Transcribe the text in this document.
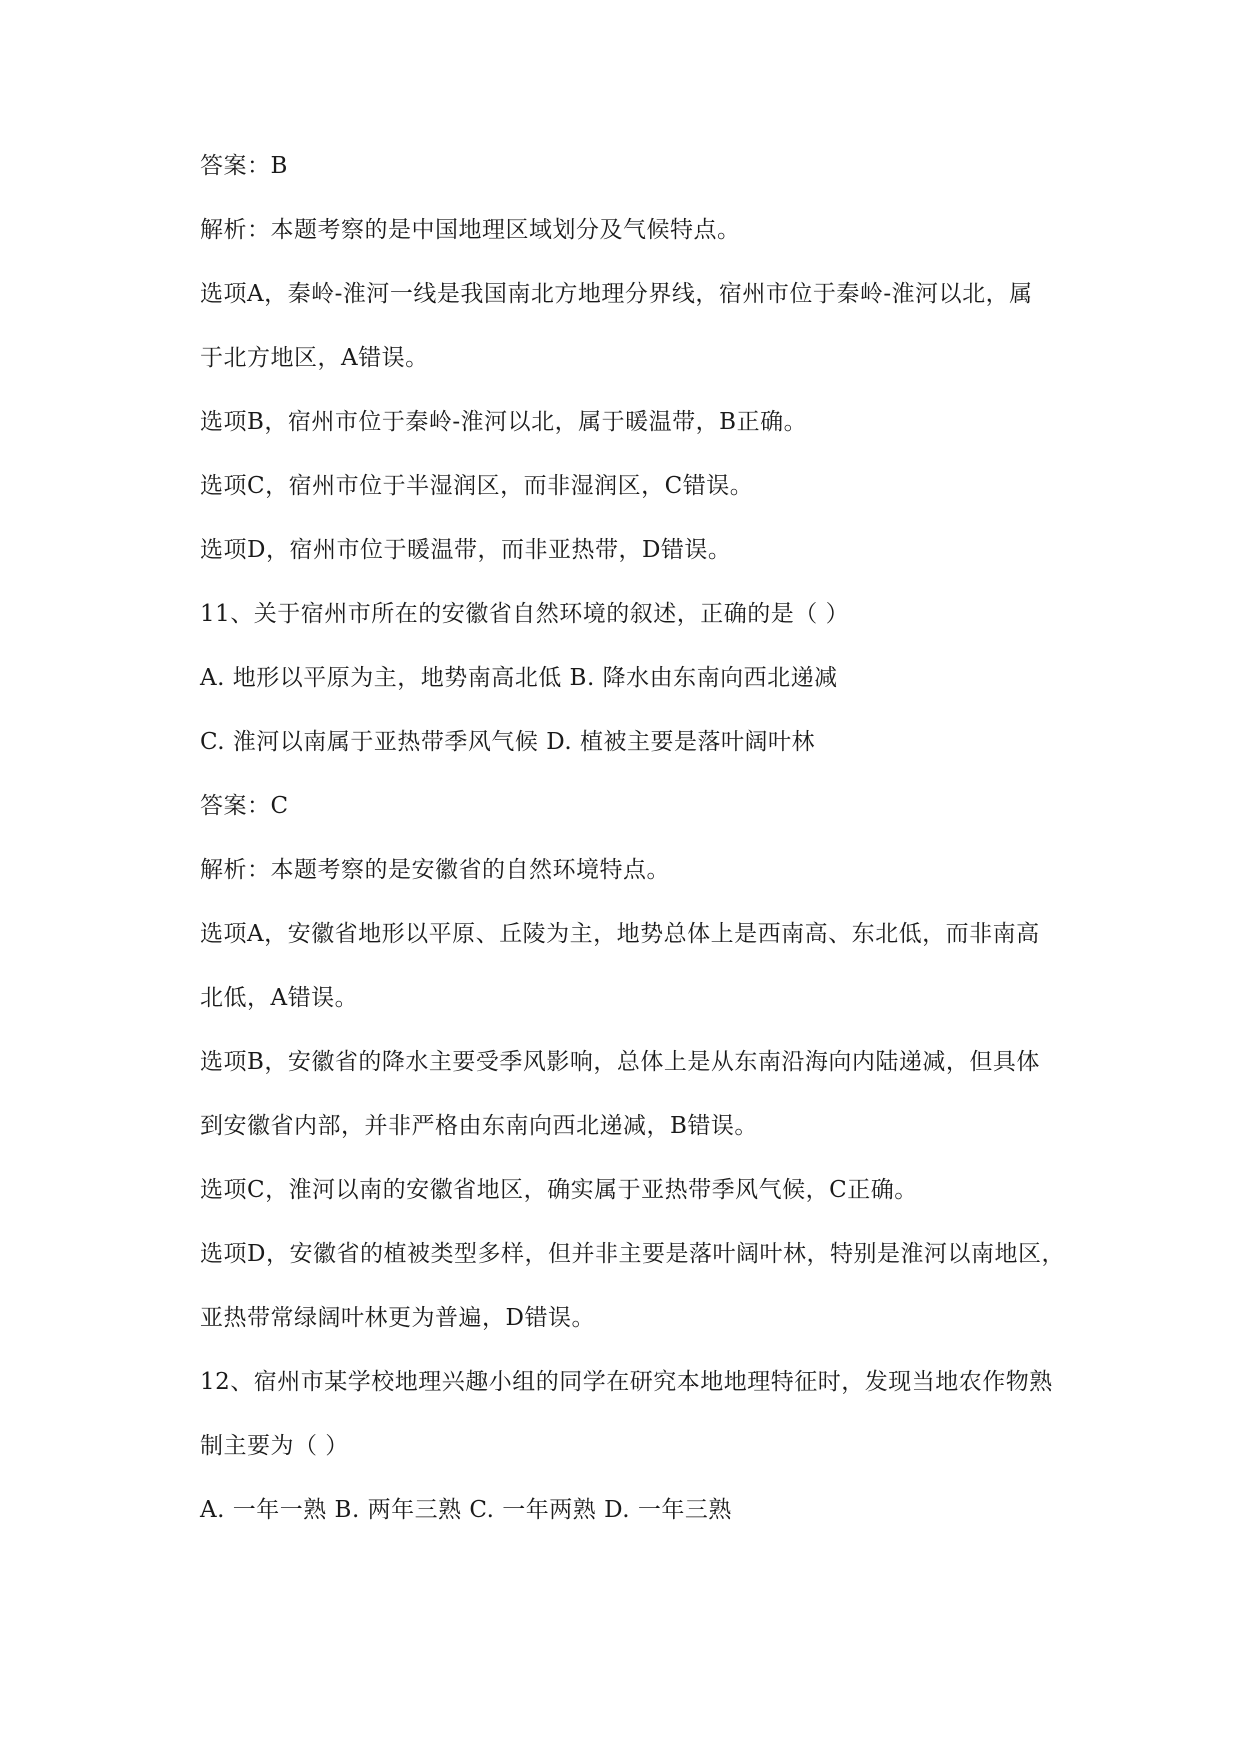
答案：B
解析：本题考察的是中国地理区域划分及气候特点。
选项A，秦岭-淮河一线是我国南北方地理分界线，宿州市位于秦岭-淮河以北，属
于北方地区，A错误。
选项B，宿州市位于秦岭-淮河以北，属于暖温带，B正确。
选项C，宿州市位于半湿润区，而非湿润区，C错误。
选项D，宿州市位于暖温带，而非亚热带，D错误。
11、关于宿州市所在的安徽省自然环境的叙述，正确的是（ ）
A. 地形以平原为主，地势南高北低 B. 降水由东南向西北递减
C. 淮河以南属于亚热带季风气候 D. 植被主要是落叶阔叶林
答案：C
解析：本题考察的是安徽省的自然环境特点。
选项A，安徽省地形以平原、丘陵为主，地势总体上是西南高、东北低，而非南高
北低，A错误。
选项B，安徽省的降水主要受季风影响，总体上是从东南沿海向内陆递减，但具体
到安徽省内部，并非严格由东南向西北递减，B错误。
选项C，淮河以南的安徽省地区，确实属于亚热带季风气候，C正确。
选项D，安徽省的植被类型多样，但并非主要是落叶阔叶林，特别是淮河以南地区，
亚热带常绿阔叶林更为普遍，D错误。
12、宿州市某学校地理兴趣小组的同学在研究本地地理特征时，发现当地农作物熟
制主要为（ ）
A. 一年一熟 B. 两年三熟 C. 一年两熟 D. 一年三熟
